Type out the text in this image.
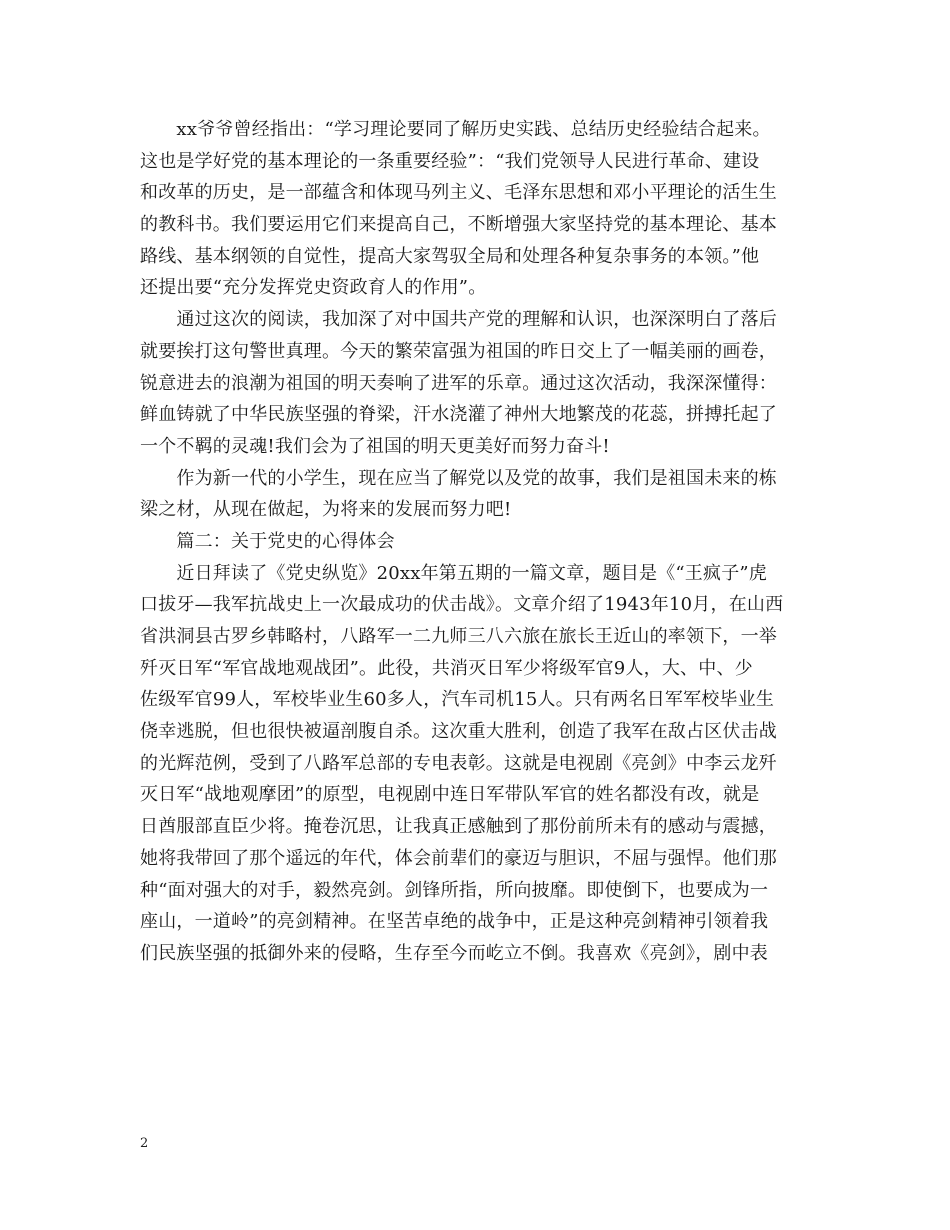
　　xx爷爷曾经指出：“学习理论要同了解历史实践、总结历史经验结合起来。
这也是学好党的基本理论的一条重要经验”：“我们党领导人民进行革命、建设
和改革的历史，是一部蕴含和体现马列主义、毛泽东思想和邓小平理论的活生生
的教科书。我们要运用它们来提高自己，不断增强大家坚持党的基本理论、基本
路线、基本纲领的自觉性，提高大家驾驭全局和处理各种复杂事务的本领。”他
还提出要“充分发挥党史资政育人的作用”。
　　通过这次的阅读，我加深了对中国共产党的理解和认识，也深深明白了落后
就要挨打这句警世真理。今天的繁荣富强为祖国的昨日交上了一幅美丽的画卷，
锐意进去的浪潮为祖国的明天奏响了进军的乐章。通过这次活动，我深深懂得：
鲜血铸就了中华民族坚强的脊梁，汗水浇灌了神州大地繁茂的花蕊，拼搏托起了
一个不羁的灵魂!我们会为了祖国的明天更美好而努力奋斗!
　　作为新一代的小学生，现在应当了解党以及党的故事，我们是祖国未来的栋
梁之材，从现在做起，为将来的发展而努力吧!
　　篇二：关于党史的心得体会
　　近日拜读了《党史纵览》20xx年第五期的一篇文章，题目是《“王疯子”虎
口拔牙—我军抗战史上一次最成功的伏击战》。文章介绍了1943年10月，在山西
省洪洞县古罗乡韩略村，八路军一二九师三八六旅在旅长王近山的率领下，一举
歼灭日军“军官战地观战团”。此役，共消灭日军少将级军官9人，大、中、少
佐级军官99人，军校毕业生60多人，汽车司机15人。只有两名日军军校毕业生
侥幸逃脱，但也很快被逼剖腹自杀。这次重大胜利，创造了我军在敌占区伏击战
的光辉范例，受到了八路军总部的专电表彰。这就是电视剧《亮剑》中李云龙歼
灭日军“战地观摩团”的原型，电视剧中连日军带队军官的姓名都没有改，就是
日酋服部直臣少将。掩卷沉思，让我真正感触到了那份前所未有的感动与震撼，
她将我带回了那个遥远的年代，体会前辈们的豪迈与胆识，不屈与强悍。他们那
种“面对强大的对手，毅然亮剑。剑锋所指，所向披靡。即使倒下，也要成为一
座山，一道岭”的亮剑精神。在坚苦卓绝的战争中，正是这种亮剑精神引领着我
们民族坚强的抵御外来的侵略，生存至今而屹立不倒。我喜欢《亮剑》，剧中表
2
